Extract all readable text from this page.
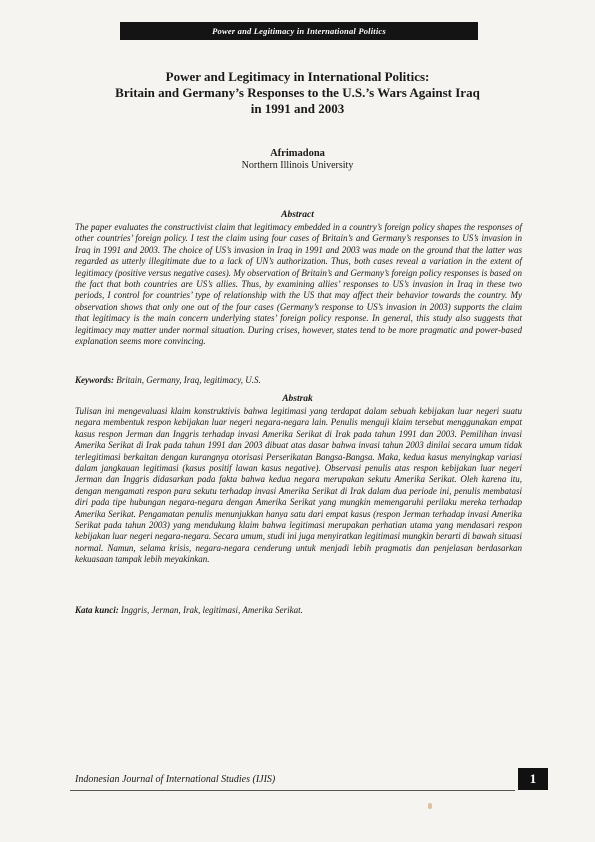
Power and Legitimacy in International Politics
Power and Legitimacy in International Politics:
Britain and Germany’s Responses to the U.S.’s Wars Against Iraq
in 1991 and 2003
Afrimadona
Northern Illinois University
Abstract

The paper evaluates the constructivist claim that legitimacy embedded in a country’s foreign policy shapes the responses of other countries’ foreign policy. I test the claim using four cases of Britain’s and Germany’s responses to US’s invasion in Iraq in 1991 and 2003. The choice of US’s invasion in Iraq in 1991 and 2003 was made on the ground that the latter was regarded as utterly illegitimate due to a lack of UN’s authorization. Thus, both cases reveal a variation in the extent of legitimacy (positive versus negative cases). My observation of Britain’s and Germany’s foreign policy responses is based on the fact that both countries are US’s allies. Thus, by examining allies’ responses to US’s invasion in Iraq in these two periods, I control for countries’ type of relationship with the US that may affect their behavior towards the country. My observation shows that only one out of the four cases (Germany’s response to US’s invasion in 2003) supports the claim that legitimacy is the main concern underlying states’ foreign policy response. In general, this study also suggests that legitimacy may matter under normal situation. During crises, however, states tend to be more pragmatic and power-based explanation seems more convincing.

Keywords: Britain, Germany, Iraq, legitimacy, U.S.
Abstrak

Tulisan ini mengevaluasi klaim konstruktivis bahwa legitimasi yang terdapat dalam sebuah kebijakan luar negeri suatu negara membentuk respon kebijakan luar negeri negara-negara lain. Penulis menguji klaim tersebut menggunakan empat kasus respon Jerman dan Inggris terhadap invasi Amerika Serikat di Irak pada tahun 1991 dan 2003. Pemilihan invasi Amerika Serikat di Irak pada tahun 1991 dan 2003 dibuat atas dasar bahwa invasi tahun 2003 dinilai secara umum tidak terlegitimasi berkaitan dengan kurangnya otorisasi Perserikatan Bangsa-Bangsa. Maka, kedua kasus menyingkap variasi dalam jangkauan legitimasi (kasus positif lawan kasus negative). Observasi penulis atas respon kebijakan luar negeri Jerman dan Inggris didasarkan pada fakta bahwa kedua negara merupakan sekutu Amerika Serikat. Oleh karena itu, dengan mengamati respon para sekutu terhadap invasi Amerika Serikat di Irak dalam dua periode ini, penulis membatasi diri pada tipe hubungan negara-negara dengan Amerika Serikat yang mungkin memengaruhi perilaku mereka terhadap Amerika Serikat. Pengamatan penulis menunjukkan hanya satu dari empat kasus (respon Jerman terhadap invasi Amerika Serikat pada tahun 2003) yang mendukung klaim bahwa legitimasi merupakan perhatian utama yang mendasari respon kebijakan luar negeri negara-negara. Secara umum, studi ini juga menyiratkan legitimasi mungkin berarti di bawah situasi normal. Namun, selama krisis, negara-negara cenderung untuk menjadi lebih pragmatis dan penjelasan berdasarkan kekuasaan tampak lebih meyakinkan.

Kata kunci: Inggris, Jerman, Irak, legitimasi, Amerika Serikat.
Indonesian Journal of International Studies (IJIS)	1
